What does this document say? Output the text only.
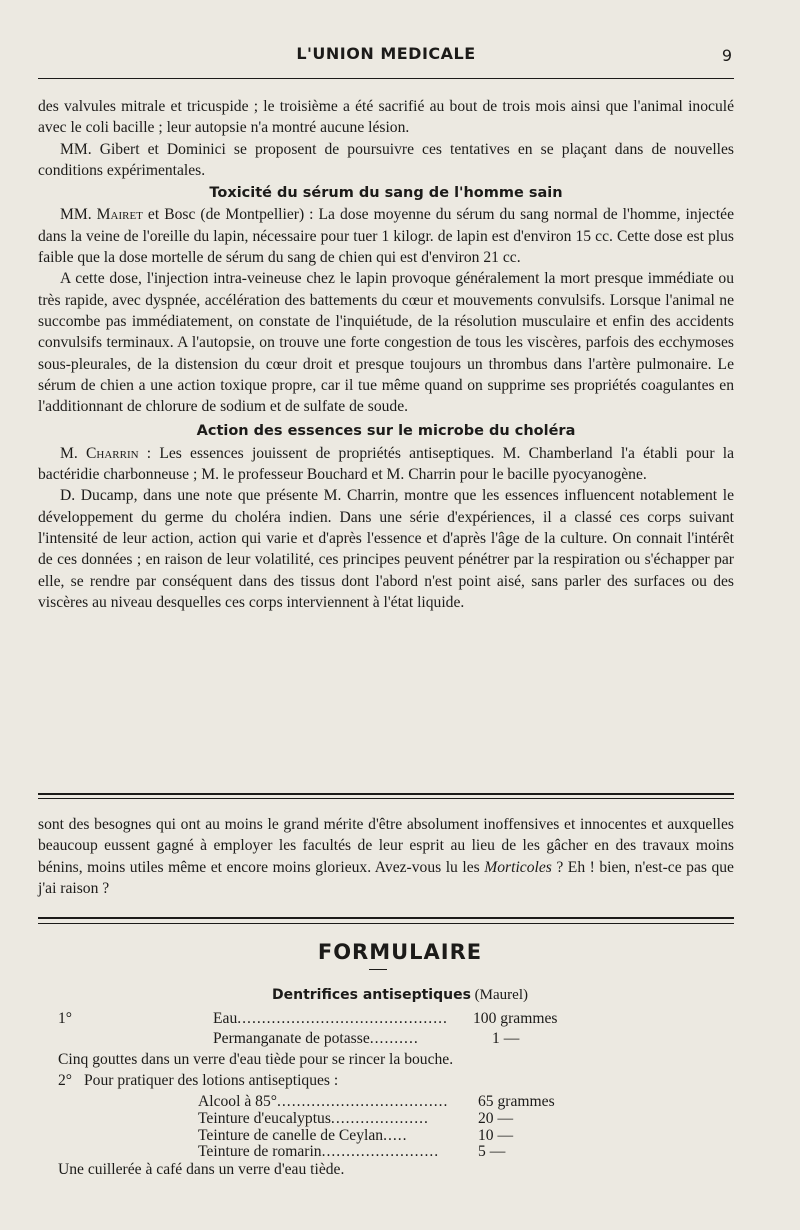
L'UNION MEDICALE	9

des valvules mitrale et tricuspide ; le troisième a été sacrifié au bout de trois mois ainsi que l'animal inoculé avec le coli bacille ; leur autopsie n'a montré aucune lésion.

MM. Gibert et Dominici se proposent de poursuivre ces tentatives en se plaçant dans de nouvelles conditions expérimentales.

Toxicité du sérum du sang de l'homme sain

MM. Mairet et Bosc (de Montpellier) : La dose moyenne du sérum du sang normal de l'homme, injectée dans la veine de l'oreille du lapin, nécessaire pour tuer 1 kilogr. de lapin est d'environ 15 cc. Cette dose est plus faible que la dose mortelle de sérum du sang de chien qui est d'environ 21 cc.

A cette dose, l'injection intra-veineuse chez le lapin provoque généralement la mort presque immédiate ou très rapide, avec dyspnée, accélération des battements du cœur et mouvements convulsifs. Lorsque l'animal ne succombe pas immédiatement, on constate de l'inquiétude, de la résolution musculaire et enfin des accidents convulsifs terminaux. A l'autopsie, on trouve une forte congestion de tous les viscères, parfois des ecchymoses sous-pleurales, de la distension du cœur droit et presque toujours un thrombus dans l'artère pulmonaire. Le sérum de chien a une action toxique propre, car il tue même quand on supprime ses propriétés coagulantes en l'additionnant de chlorure de sodium et de sulfate de soude.

Action des essences sur le microbe du choléra

M. Charrin : Les essences jouissent de propriétés antiseptiques. M. Chamberland l'a établi pour la bactéridie charbonneuse ; M. le professeur Bouchard et M. Charrin pour le bacille pyocyanogène.

D. Ducamp, dans une note que présente M. Charrin, montre que les essences influencent notablement le développement du germe du choléra indien. Dans une série d'expériences, il a classé ces corps suivant l'intensité de leur action, action qui varie et d'après l'essence et d'après l'âge de la culture. On connait l'intérêt de ces données ; en raison de leur volatilité, ces principes peuvent pénétrer par la respiration ou s'échapper par elle, se rendre par conséquent dans des tissus dont l'abord n'est point aisé, sans parler des surfaces ou des viscères au niveau desquelles ces corps interviennent à l'état liquide.

sont des besognes qui ont au moins le grand mérite d'être absolument inoffensives et innocentes et auxquelles beaucoup eussent gagné à employer les facultés de leur esprit au lieu de les gâcher en des travaux moins bénins, moins utiles même et encore moins glorieux. Avez-vous lu les Morticoles ? Eh ! bien, n'est-ce pas que j'ai raison ?

FORMULAIRE
Dentrifices antiseptiques (Maurel)
1°	Eau........................................... 100 grammes
Permanganate de potasse..........	1 —
Cinq gouttes dans un verre d'eau tiède pour se rincer la bouche.
2° Pour pratiquer des lotions antiseptiques :
Alcool à 85°................................... 65 grammes
Teinture d'eucalyptus....................	20 —
Teinture de canelle de Ceylan.....	10 —
Teinture de romarin........................ 5 —
Une cuillerée à café dans un verre d'eau tiède.
